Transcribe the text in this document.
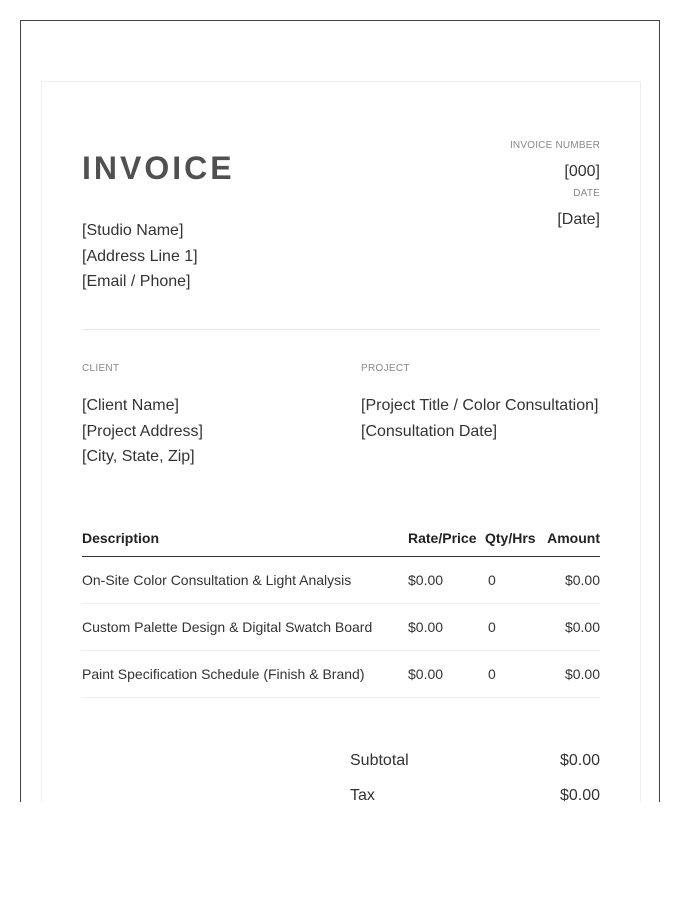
INVOICE
[Studio Name]
[Address Line 1]
[Email / Phone]
INVOICE NUMBER
[000]
DATE
[Date]
CLIENT
[Client Name]
[Project Address]
[City, State, Zip]
PROJECT
[Project Title / Color Consultation]
[Consultation Date]
Description	Rate/Price	Qty/Hrs	Amount
On-Site Color Consultation & Light Analysis	$0.00	0	$0.00
Custom Palette Design & Digital Swatch Board	$0.00	0	$0.00
Paint Specification Schedule (Finish & Brand)	$0.00	0	$0.00
Subtotal	$0.00
Tax	$0.00
